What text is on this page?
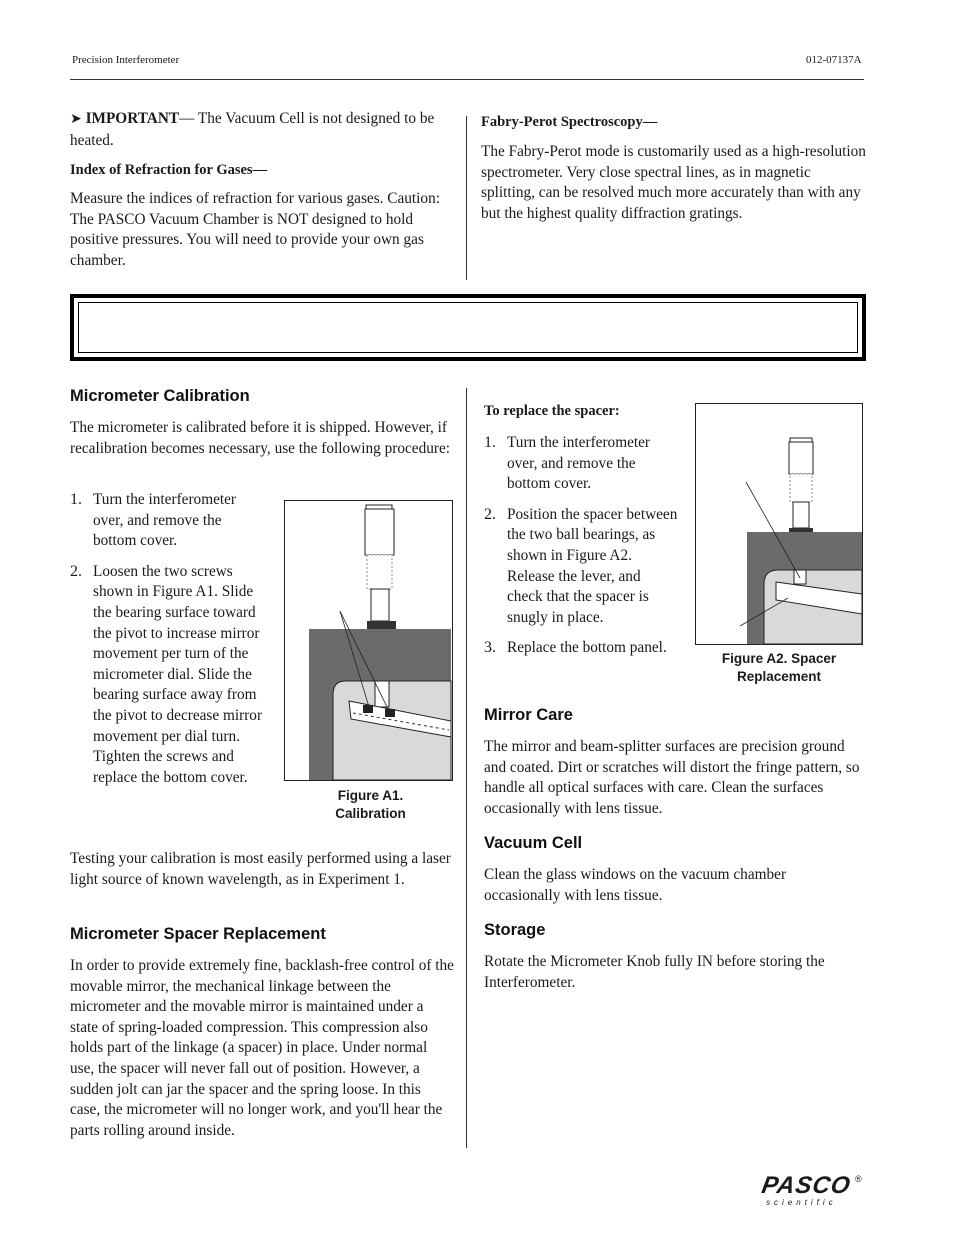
Precision Interferometer	012-07137A
➤ IMPORTANT— The Vacuum Cell is not designed to be heated.
Index of Refraction for Gases—
Measure the indices of refraction for various gases. Caution: The PASCO Vacuum Chamber is NOT designed to hold positive pressures. You will need to provide your own gas chamber.
Fabry-Perot Spectroscopy—
The Fabry-Perot mode is customarily used as a high-resolution spectrometer. Very close spectral lines, as in magnetic splitting, can be resolved much more accurately than with any but the highest quality diffraction gratings.
Micrometer Calibration
The micrometer is calibrated before it is shipped. However, if recalibration becomes necessary, use the following procedure:
1. Turn the interferometer over, and remove the bottom cover.
2. Loosen the two screws shown in Figure A1. Slide the bearing surface toward the pivot to increase mirror movement per turn of the micrometer dial. Slide the bearing surface away from the pivot to decrease mirror movement per dial turn. Tighten the screws and replace the bottom cover.
Figure A1.
Calibration
Testing your calibration is most easily performed using a laser light source of known wavelength, as in Experiment 1.
Micrometer Spacer Replacement
In order to provide extremely fine, backlash-free control of the movable mirror, the mechanical linkage between the micrometer and the movable mirror is maintained under a state of spring-loaded compression. This compression also holds part of the linkage (a spacer) in place. Under normal use, the spacer will never fall out of position. However, a sudden jolt can jar the spacer and the spring loose. In this case, the micrometer will no longer work, and you'll hear the parts rolling around inside.
To replace the spacer:
1. Turn the interferometer over, and remove the bottom cover.
2. Position the spacer between the two ball bearings, as shown in Figure A2. Release the lever, and check that the spacer is snugly in place.
3. Replace the bottom panel.
Figure A2. Spacer
Replacement
Mirror Care
The mirror and beam-splitter surfaces are precision ground and coated. Dirt or scratches will distort the fringe pattern, so handle all optical surfaces with care. Clean the surfaces occasionally with lens tissue.
Vacuum Cell
Clean the glass windows on the vacuum chamber occasionally with lens tissue.
Storage
Rotate the Micrometer Knob fully IN before storing the Interferometer.
PASCO
scientific
®
